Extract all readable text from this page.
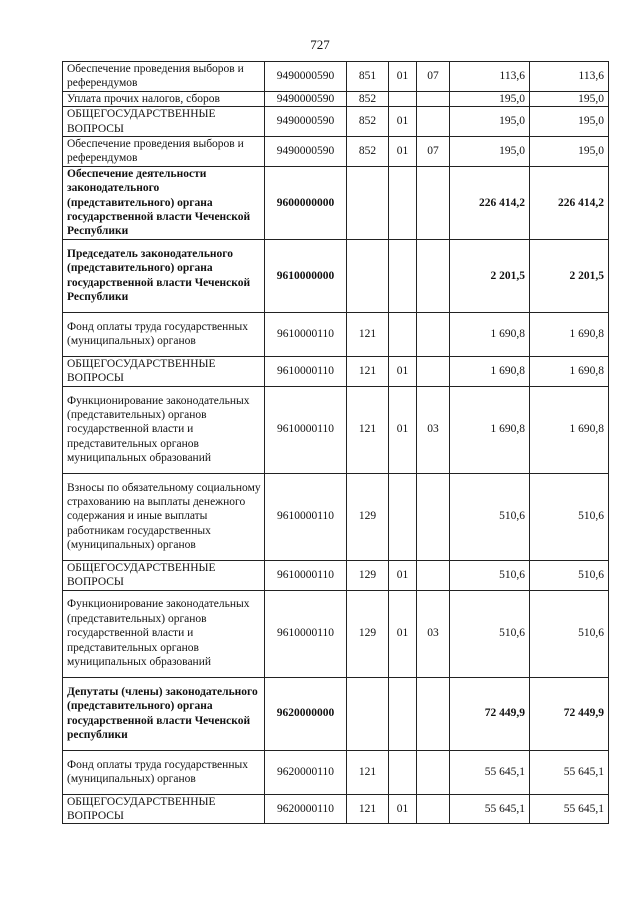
727
Обеспечение проведения выборов и референдумов	9490000590	851	01	07	113,6	113,6
Уплата прочих налогов, сборов	9490000590	852			195,0	195,0
ОБЩЕГОСУДАРСТВЕННЫЕ ВОПРОСЫ	9490000590	852	01		195,0	195,0
Обеспечение проведения выборов и референдумов	9490000590	852	01	07	195,0	195,0
Обеспечение деятельности законодательного (представительного) органа государственной власти Чеченской Республики	9600000000				226 414,2	226 414,2
Председатель законодательного (представительного) органа государственной власти Чеченской Республики	9610000000				2 201,5	2 201,5
Фонд оплаты труда государственных (муниципальных) органов	9610000110	121			1 690,8	1 690,8
ОБЩЕГОСУДАРСТВЕННЫЕ ВОПРОСЫ	9610000110	121	01		1 690,8	1 690,8
Функционирование законодательных (представительных) органов государственной власти и представительных органов муниципальных образований	9610000110	121	01	03	1 690,8	1 690,8
Взносы по обязательному социальному страхованию на выплаты денежного содержания и иные выплаты работникам государственных (муниципальных) органов	9610000110	129			510,6	510,6
ОБЩЕГОСУДАРСТВЕННЫЕ ВОПРОСЫ	9610000110	129	01		510,6	510,6
Функционирование законодательных (представительных) органов государственной власти и представительных органов муниципальных образований	9610000110	129	01	03	510,6	510,6
Депутаты (члены) законодательного (представительного) органа государственной власти Чеченской республики	9620000000				72 449,9	72 449,9
Фонд оплаты труда государственных (муниципальных) органов	9620000110	121			55 645,1	55 645,1
ОБЩЕГОСУДАРСТВЕННЫЕ ВОПРОСЫ	9620000110	121	01		55 645,1	55 645,1
